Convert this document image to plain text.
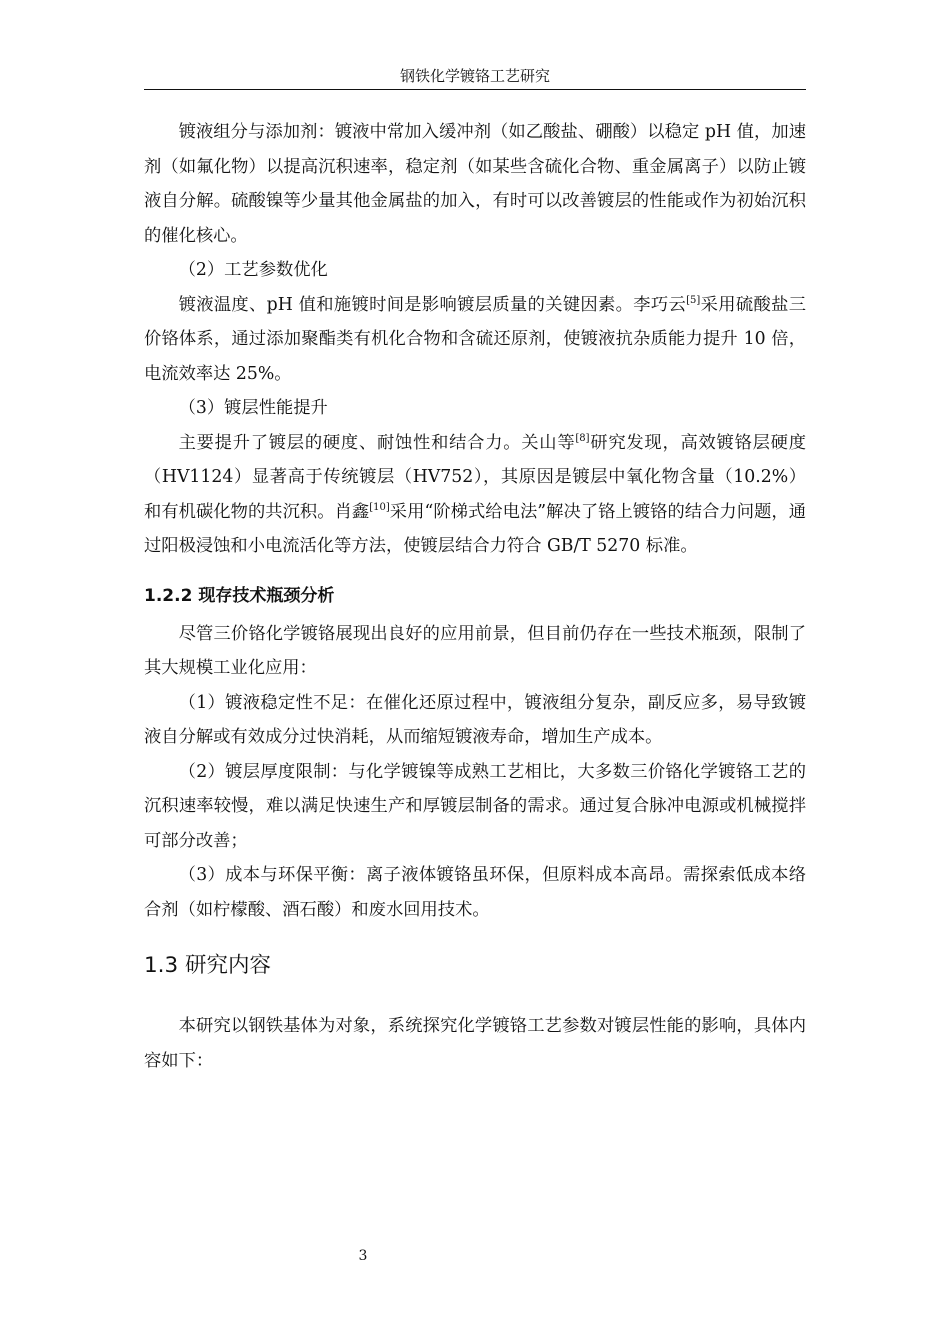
钢铁化学镀铬工艺研究

镀液组分与添加剂：镀液中常加入缓冲剂（如乙酸盐、硼酸）以稳定 pH 值，加速剂（如氟化物）以提高沉积速率，稳定剂（如某些含硫化合物、重金属离子）以防止镀液自分解。硫酸镍等少量其他金属盐的加入，有时可以改善镀层的性能或作为初始沉积的催化核心。

（2）工艺参数优化

镀液温度、pH 值和施镀时间是影响镀层质量的关键因素。李巧云[5]采用硫酸盐三价铬体系，通过添加聚酯类有机化合物和含硫还原剂，使镀液抗杂质能力提升 10 倍，电流效率达 25%。

（3）镀层性能提升

主要提升了镀层的硬度、耐蚀性和结合力。关山等[8]研究发现，高效镀铬层硬度（HV1124）显著高于传统镀层（HV752），其原因是镀层中氧化物含量（10.2%）和有机碳化物的共沉积。肖鑫[10]采用“阶梯式给电法”解决了铬上镀铬的结合力问题，通过阳极浸蚀和小电流活化等方法，使镀层结合力符合 GB/T 5270 标准。

1.2.2 现存技术瓶颈分析

尽管三价铬化学镀铬展现出良好的应用前景，但目前仍存在一些技术瓶颈，限制了其大规模工业化应用：

（1）镀液稳定性不足：在催化还原过程中，镀液组分复杂，副反应多，易导致镀液自分解或有效成分过快消耗，从而缩短镀液寿命，增加生产成本。

（2）镀层厚度限制：与化学镀镍等成熟工艺相比，大多数三价铬化学镀铬工艺的沉积速率较慢，难以满足快速生产和厚镀层制备的需求。通过复合脉冲电源或机械搅拌可部分改善；

（3）成本与环保平衡：离子液体镀铬虽环保，但原料成本高昂。需探索低成本络合剂（如柠檬酸、酒石酸）和废水回用技术。

1.3 研究内容

本研究以钢铁基体为对象，系统探究化学镀铬工艺参数对镀层性能的影响，具体内容如下：

3
